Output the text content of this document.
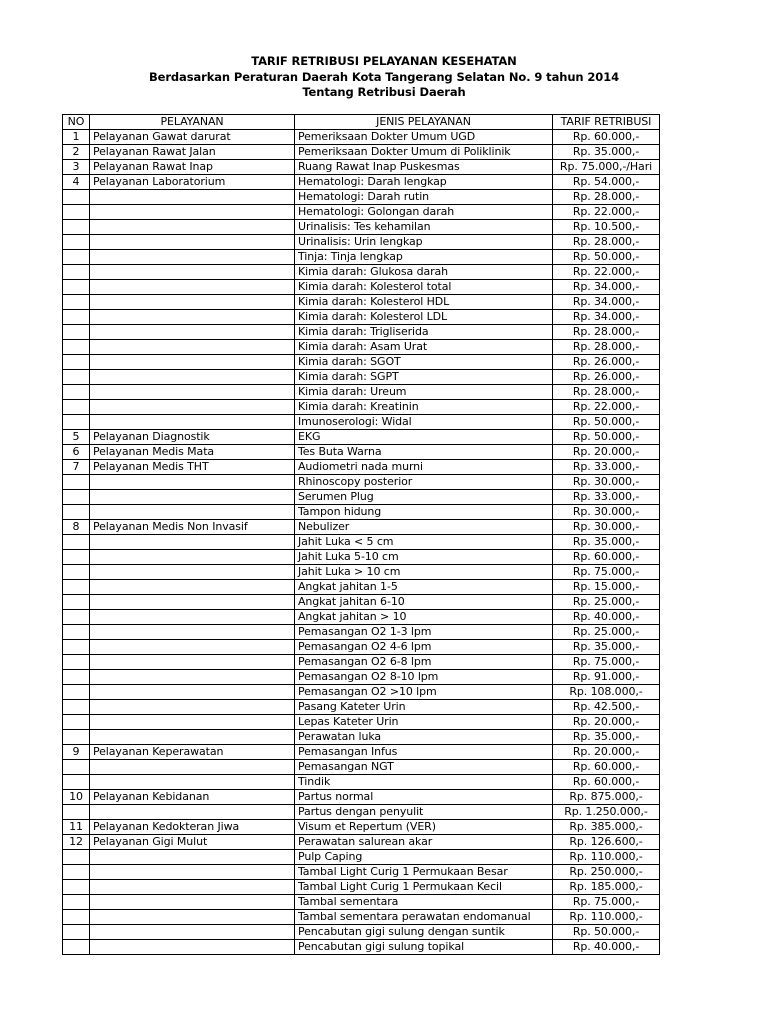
TARIF RETRIBUSI PELAYANAN KESEHATAN
Berdasarkan Peraturan Daerah Kota Tangerang Selatan No. 9 tahun 2014
Tentang Retribusi Daerah
NO	PELAYANAN	JENIS PELAYANAN	TARIF RETRIBUSI
1	Pelayanan Gawat darurat	Pemeriksaan Dokter Umum UGD	Rp. 60.000,-
2	Pelayanan Rawat Jalan	Pemeriksaan Dokter Umum di Poliklinik	Rp. 35.000,-
3	Pelayanan Rawat Inap	Ruang Rawat Inap Puskesmas	Rp. 75.000,-/Hari
4	Pelayanan Laboratorium	Hematologi: Darah lengkap	Rp. 54.000,-
		Hematologi: Darah rutin	Rp. 28.000,-
		Hematologi: Golongan darah	Rp. 22.000,-
		Urinalisis: Tes kehamilan	Rp. 10.500,-
		Urinalisis: Urin lengkap	Rp. 28.000,-
		Tinja: Tinja lengkap	Rp. 50.000,-
		Kimia darah: Glukosa darah	Rp. 22.000,-
		Kimia darah: Kolesterol total	Rp. 34.000,-
		Kimia darah: Kolesterol HDL	Rp. 34.000,-
		Kimia darah: Kolesterol LDL	Rp. 34.000,-
		Kimia darah: Trigliserida	Rp. 28.000,-
		Kimia darah: Asam Urat	Rp. 28.000,-
		Kimia darah: SGOT	Rp. 26.000,-
		Kimia darah: SGPT	Rp. 26.000,-
		Kimia darah: Ureum	Rp. 28.000,-
		Kimia darah: Kreatinin	Rp. 22.000,-
		Imunoserologi: Widal	Rp. 50.000,-
5	Pelayanan Diagnostik	EKG	Rp. 50.000,-
6	Pelayanan Medis Mata	Tes Buta Warna	Rp. 20.000,-
7	Pelayanan Medis THT	Audiometri nada murni	Rp. 33.000,-
		Rhinoscopy posterior	Rp. 30.000,-
		Serumen Plug	Rp. 33.000,-
		Tampon hidung	Rp. 30.000,-
8	Pelayanan Medis Non Invasif	Nebulizer	Rp. 30.000,-
		Jahit Luka < 5 cm	Rp. 35.000,-
		Jahit Luka 5-10 cm	Rp. 60.000,-
		Jahit Luka > 10 cm	Rp. 75.000,-
		Angkat jahitan 1-5	Rp. 15.000,-
		Angkat jahitan 6-10	Rp. 25.000,-
		Angkat jahitan > 10	Rp. 40.000,-
		Pemasangan O2 1-3 lpm	Rp. 25.000,-
		Pemasangan O2 4-6 lpm	Rp. 35.000,-
		Pemasangan O2 6-8 lpm	Rp. 75.000,-
		Pemasangan O2 8-10 lpm	Rp. 91.000,-
		Pemasangan O2 >10 lpm	Rp. 108.000,-
		Pasang Kateter Urin	Rp. 42.500,-
		Lepas Kateter Urin	Rp. 20.000,-
		Perawatan luka	Rp. 35.000,-
9	Pelayanan Keperawatan	Pemasangan Infus	Rp. 20.000,-
		Pemasangan NGT	Rp. 60.000,-
		Tindik	Rp. 60.000,-
10	Pelayanan Kebidanan	Partus normal	Rp. 875.000,-
		Partus dengan penyulit	Rp. 1.250.000,-
11	Pelayanan Kedokteran Jiwa	Visum et Repertum (VER)	Rp. 385.000,-
12	Pelayanan Gigi Mulut	Perawatan salurean akar	Rp. 126.600,-
		Pulp Caping	Rp. 110.000,-
		Tambal Light Curig 1 Permukaan Besar	Rp. 250.000,-
		Tambal Light Curig 1 Permukaan Kecil	Rp. 185.000,-
		Tambal sementara	Rp. 75.000,-
		Tambal sementara perawatan endomanual	Rp. 110.000,-
		Pencabutan gigi sulung dengan suntik	Rp. 50.000,-
		Pencabutan gigi sulung topikal	Rp. 40.000,-
